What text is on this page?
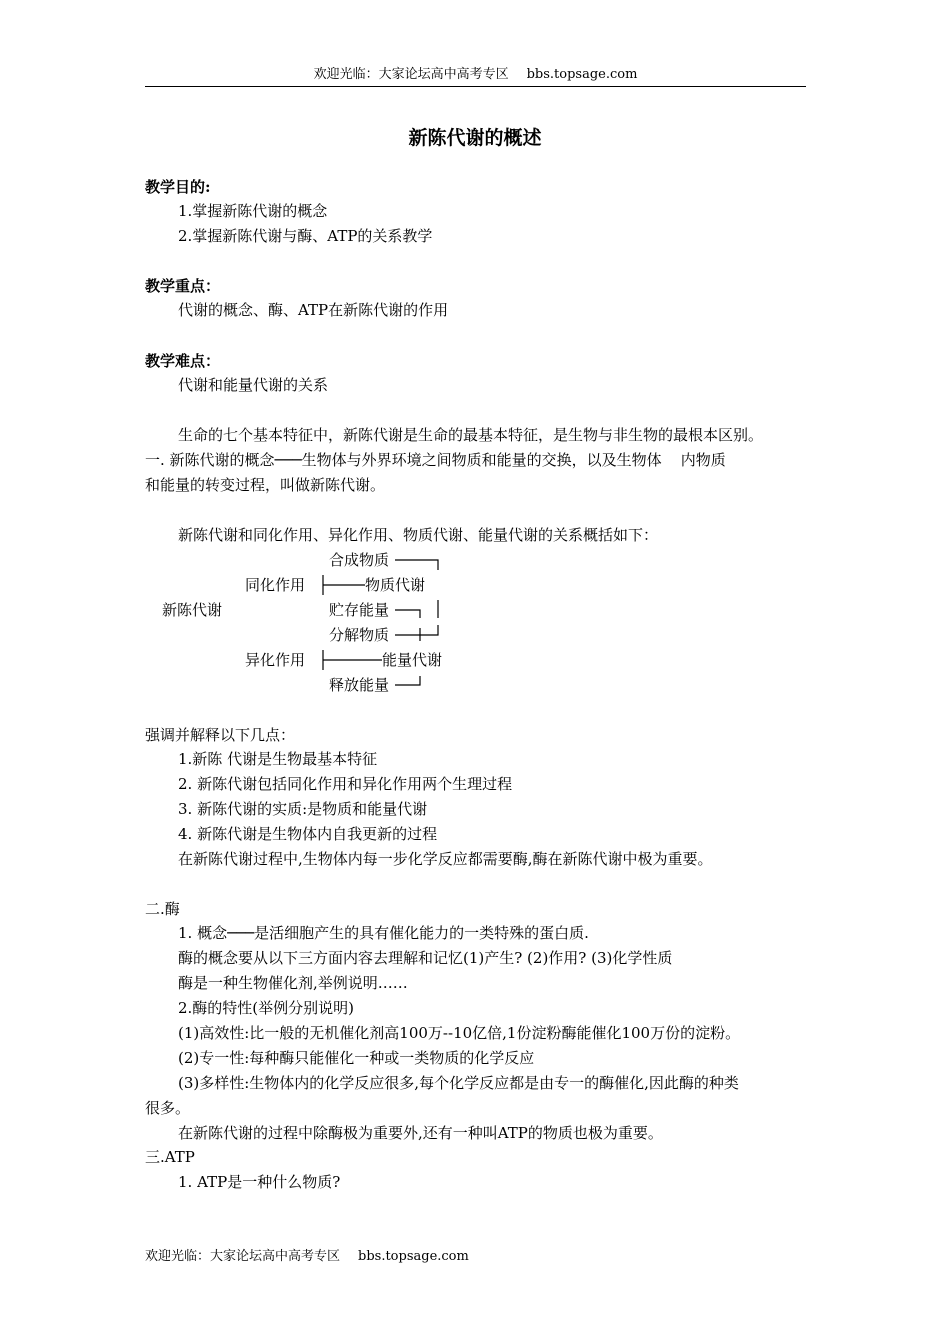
欢迎光临：大家论坛高中高考专区 bbs.topsage.com
新陈代谢的概述
教学目的:
1.掌握新陈代谢的概念
2.掌握新陈代谢与酶、ATP的关系教学
教学重点：
代谢的概念、酶、ATP在新陈代谢的作用
教学难点：
代谢和能量代谢的关系
生命的七个基本特征中，新陈代谢是生命的最基本特征，是生物与非生物的最根本区别。
一. 新陈代谢的概念───生物体与外界环境之间物质和能量的交换，以及生物体    内物质
和能量的转变过程，叫做新陈代谢。
新陈代谢和同化作用、异化作用、物质代谢、能量代谢的关系概括如下：
合成物质
同化作用	物质代谢
新陈代谢	贮存能量
分解物质
异化作用	能量代谢
释放能量
强调并解释以下几点：
1.新陈 代谢是生物最基本特征
2. 新陈代谢包括同化作用和异化作用两个生理过程
3. 新陈代谢的实质:是物质和能量代谢
4. 新陈代谢是生物体内自我更新的过程
在新陈代谢过程中,生物体内每一步化学反应都需要酶,酶在新陈代谢中极为重要。
二.酶
1. 概念───是活细胞产生的具有催化能力的一类特殊的蛋白质.
酶的概念要从以下三方面内容去理解和记忆(1)产生? (2)作用? (3)化学性质
酶是一种生物催化剂,举例说明……
2.酶的特性(举例分别说明)
(1)高效性:比一般的无机催化剂高100万--10亿倍,1份淀粉酶能催化100万份的淀粉。
(2)专一性:每种酶只能催化一种或一类物质的化学反应
(3)多样性:生物体内的化学反应很多,每个化学反应都是由专一的酶催化,因此酶的种类
很多。
在新陈代谢的过程中除酶极为重要外,还有一种叫ATP的物质也极为重要。
三.ATP
1. ATP是一种什么物质?
欢迎光临：大家论坛高中高考专区 bbs.topsage.com
